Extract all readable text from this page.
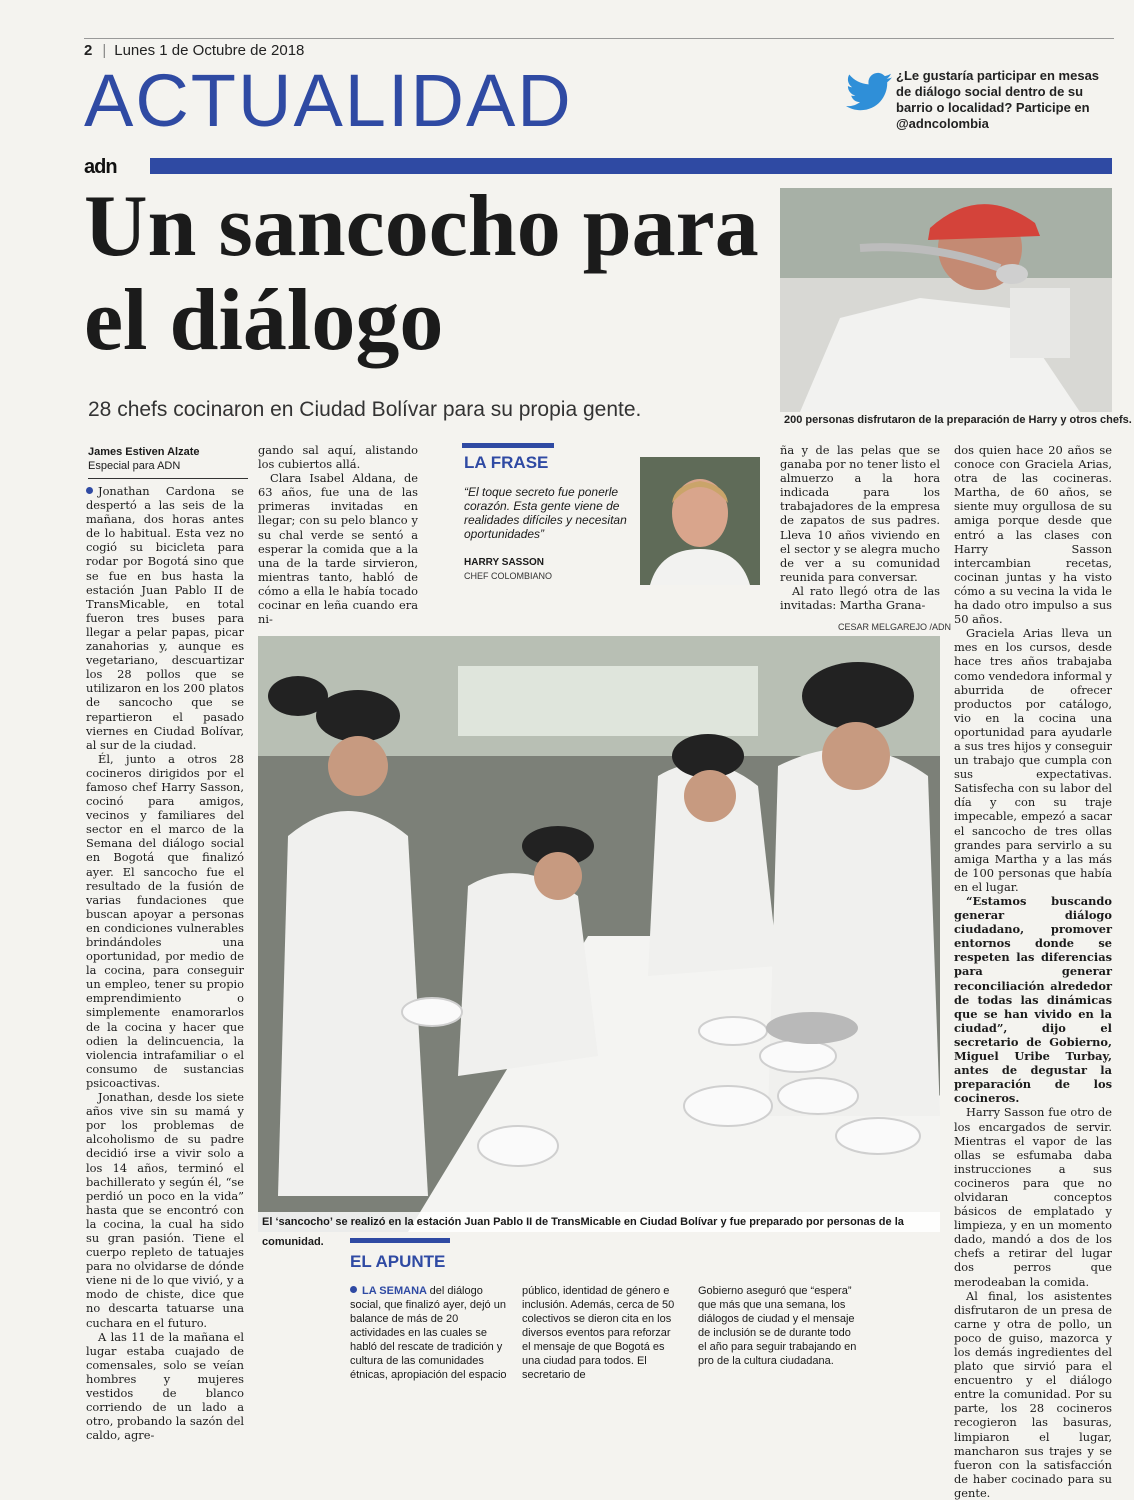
2 | Lunes 1 de Octubre de 2018
ACTUALIDAD	¿Le gustaría participar en mesas de diálogo social dentro de su barrio o localidad? Participe en @adncolombia
adn
Un sancocho para el diálogo
28 chefs cocinaron en Ciudad Bolívar para su propia gente.	200 personas disfrutaron de la preparación de Harry y otros chefs.
James Estiven Alzate
Especial para ADN

Jonathan Cardona se despertó a las seis de la mañana, dos horas antes de lo habitual. Esta vez no cogió su bicicleta para rodar por Bogotá sino que se fue en bus hasta la estación Juan Pablo II de TransMicable, en total fueron tres buses para llegar a pelar papas, picar zanahorias y, aunque es vegetariano, descuartizar los 28 pollos que se utilizaron en los 200 platos de sancocho que se repartieron el pasado viernes en Ciudad Bolívar, al sur de la ciudad.

Él, junto a otros 28 cocineros dirigidos por el famoso chef Harry Sasson, cocinó para amigos, vecinos y familiares del sector en el marco de la Semana del diálogo social en Bogotá que finalizó ayer. El sancocho fue el resultado de la fusión de varias fundaciones que buscan apoyar a personas en condiciones vulnerables brindándoles una oportunidad, por medio de la cocina, para conseguir un empleo, tener su propio emprendimiento o simplemente enamorarlos de la cocina y hacer que odien la delincuencia, la violencia intrafamiliar o el consumo de sustancias psicoactivas.

Jonathan, desde los siete años vive sin su mamá y por los problemas de alcoholismo de su padre decidió irse a vivir solo a los 14 años, terminó el bachillerato y según él, “se perdió un poco en la vida” hasta que se encontró con la cocina, la cual ha sido su gran pasión. Tiene el cuerpo repleto de tatuajes para no olvidarse de dónde viene ni de lo que vivió, y a modo de chiste, dice que no descarta tatuarse una cuchara en el futuro.

A las 11 de la mañana el lugar estaba cuajado de comensales, solo se veían hombres y mujeres vestidos de blanco corriendo de un lado a otro, probando la sazón del caldo, agre-

gando sal aquí, alistando los cubiertos allá.

Clara Isabel Aldana, de 63 años, fue una de las primeras invitadas en llegar; con su pelo blanco y su chal verde se sentó a esperar la comida que a la una de la tarde sirvieron, mientras tanto, habló de cómo a ella le había tocado cocinar en leña cuando era ni-

LA FRASE
“El toque secreto fue ponerle corazón. Esta gente viene de realidades difíciles y necesitan oportunidades”
HARRY SASSON
CHEF COLOMBIANO

ña y de las pelas que se ganaba por no tener listo el almuerzo a la hora indicada para los trabajadores de la empresa de zapatos de sus padres. Lleva 10 años viviendo en el sector y se alegra mucho de ver a su comunidad reunida para conversar.

Al rato llegó otra de las invitadas: Martha Grana-

CESAR MELGAREJO /ADN

dos quien hace 20 años se conoce con Graciela Arias, otra de las cocineras. Martha, de 60 años, se siente muy orgullosa de su amiga porque desde que entró a las clases con Harry Sasson intercambian recetas, cocinan juntas y ha visto cómo a su vecina la vida le ha dado otro impulso a sus 50 años.

Graciela Arias lleva un mes en los cursos, desde hace tres años trabajaba como vendedora informal y aburrida de ofrecer productos por catálogo, vio en la cocina una oportunidad para ayudarle a sus tres hijos y conseguir un trabajo que cumpla con sus expectativas. Satisfecha con su labor del día y con su traje impecable, empezó a sacar el sancocho de tres ollas grandes para servirlo a su amiga Martha y a las más de 100 personas que había en el lugar.

“Estamos buscando generar diálogo ciudadano, promover entornos donde se respeten las diferencias para generar reconciliación alrededor de todas las dinámicas que se han vivido en la ciudad”, dijo el secretario de Gobierno, Miguel Uribe Turbay, antes de degustar la preparación de los cocineros.

Harry Sasson fue otro de los encargados de servir. Mientras el vapor de las ollas se esfumaba daba instrucciones a sus cocineros para que no olvidaran conceptos básicos de emplatado y limpieza, y en un momento dado, mandó a dos de los chefs a retirar del lugar dos perros que merodeaban la comida.

Al final, los asistentes disfrutaron de un presa de carne y otra de pollo, un poco de guiso, mazorca y los demás ingredientes del plato que sirvió para el encuentro y el diálogo entre la comunidad. Por su parte, los 28 cocineros recogieron las basuras, limpiaron el lugar, mancharon sus trajes y se fueron con la satisfacción de haber cocinado para su gente.

El ‘sancocho’ se realizó en la estación Juan Pablo II de TransMicable en Ciudad Bolívar y fue preparado por personas de la comunidad.
EL APUNTE
LA SEMANA del diálogo social, que finalizó ayer, dejó un balance de más de 20 actividades en las cuales se habló del rescate de tradición y cultura de las comunidades étnicas, apropiación del espacio
público, identidad de género e inclusión. Además, cerca de 50 colectivos se dieron cita en los diversos eventos para reforzar el mensaje de que Bogotá es una ciudad para todos. El secretario de
Gobierno aseguró que “espera” que más que una semana, los diálogos de ciudad y el mensaje de inclusión se de durante todo el año para seguir trabajando en pro de la cultura ciudadana.
